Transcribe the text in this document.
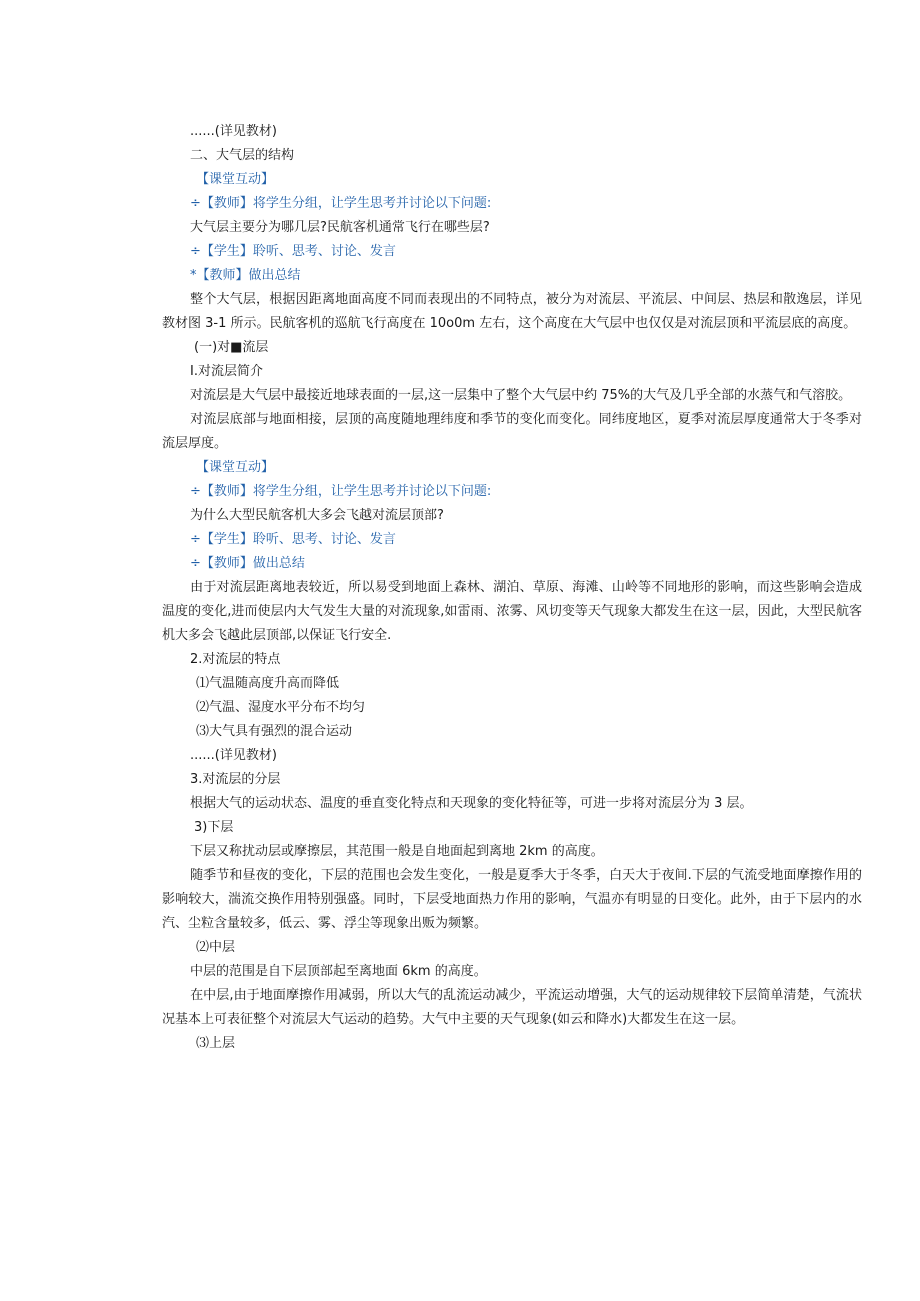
......(详见教材)
二、大气层的结构
【课堂互动】
÷【教师】将学生分组，让学生思考并讨论以下问题:
大气层主要分为哪几层?民航客机通常飞行在哪些层?
÷【学生】聆听、思考、讨论、发言
*【教师】做出总结
整个大气层，根据因距离地面高度不同而表现出的不同特点，被分为对流层、平流层、中间层、热层和散逸层，详见教材图 3-1 所示。民航客机的巡航飞行高度在 10o0m 左右，这个高度在大气层中也仅仅是对流层顶和平流层底的高度。
(一)对■流层
I.对流层简介
对流层是大气层中最接近地球表面的一层,这一层集中了整个大气层中约 75%的大气及几乎全部的水蒸气和气溶胶。
对流层底部与地面相接，层顶的高度随地理纬度和季节的变化而变化。同纬度地区，夏季对流层厚度通常大于冬季对流层厚度。
【课堂互动】
÷【教师】将学生分组，让学生思考并讨论以下问题:
为什么大型民航客机大多会飞越对流层顶部?
÷【学生】聆听、思考、讨论、发言
÷【教师】做出总结
由于对流层距离地表较近，所以易受到地面上森林、湖泊、草原、海滩、山岭等不同地形的影响，而这些影响会造成温度的变化,进而使层内大气发生大量的对流现象,如雷雨、浓雾、风切变等天气现象大都发生在这一层，因此，大型民航客机大多会飞越此层顶部,以保证飞行安全.
2.对流层的特点
⑴气温随高度升高而降低
⑵气温、湿度水平分布不均匀
⑶大气具有强烈的混合运动
......(详见教材)
3.对流层的分层
根据大气的运动状态、温度的垂直变化特点和天现象的变化特征等，可进一步将对流层分为 3 层。
3)下层
下层又称扰动层或摩擦层，其范围一般是自地面起到离地 2km 的高度。
随季节和昼夜的变化，下层的范围也会发生变化，一般是夏季大于冬季，白天大于夜间.下层的气流受地面摩擦作用的影响较大，湍流交换作用特别强盛。同时，下层受地面热力作用的影响，气温亦有明显的日变化。此外，由于下层内的水汽、尘粒含量较多，低云、雾、浮尘等现象出贩为频繁。
⑵中层
中层的范围是自下层顶部起至离地面 6km 的高度。
在中层,由于地面摩擦作用减弱，所以大气的乱流运动减少，平流运动增强，大气的运动规律较下层简单清楚，气流状况基本上可表征整个对流层大气运动的趋势。大气中主要的天气现象(如云和降水)大都发生在这一层。
⑶上层
